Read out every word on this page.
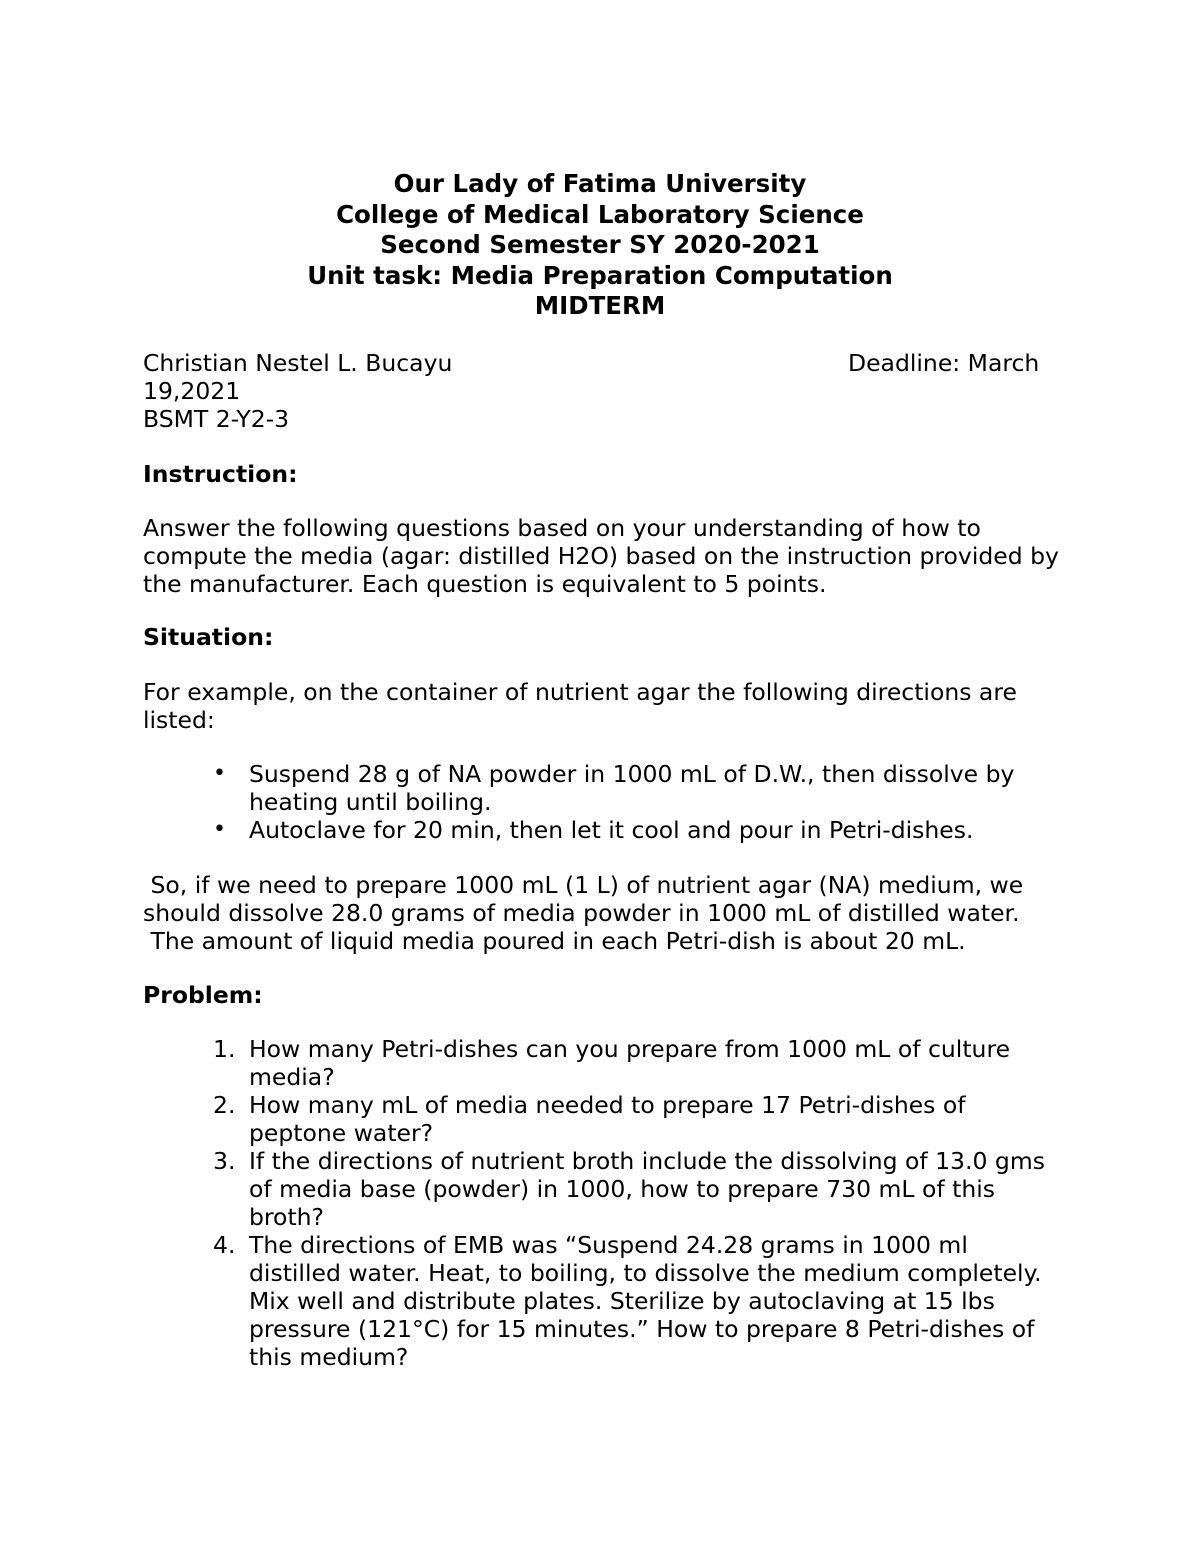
Our Lady of Fatima University
College of Medical Laboratory Science
Second Semester SY 2020-2021
Unit task: Media Preparation Computation
MIDTERM
Christian Nestel L. Bucayu	Deadline: March
19,2021
BSMT 2-Y2-3
Instruction:
Answer the following questions based on your understanding of how to
compute the media (agar: distilled H2O) based on the instruction provided by
the manufacturer. Each question is equivalent to 5 points.
Situation:
For example, on the container of nutrient agar the following directions are
listed:
• Suspend 28 g of NA powder in 1000 mL of D.W., then dissolve by
heating until boiling.
• Autoclave for 20 min, then let it cool and pour in Petri-dishes.
So, if we need to prepare 1000 mL (1 L) of nutrient agar (NA) medium, we
should dissolve 28.0 grams of media powder in 1000 mL of distilled water.
The amount of liquid media poured in each Petri-dish is about 20 mL.
Problem:
1. How many Petri-dishes can you prepare from 1000 mL of culture
media?
2. How many mL of media needed to prepare 17 Petri-dishes of
peptone water?
3. If the directions of nutrient broth include the dissolving of 13.0 gms
of media base (powder) in 1000, how to prepare 730 mL of this
broth?
4. The directions of EMB was “Suspend 24.28 grams in 1000 ml
distilled water. Heat, to boiling, to dissolve the medium completely.
Mix well and distribute plates. Sterilize by autoclaving at 15 lbs
pressure (121°C) for 15 minutes.” How to prepare 8 Petri-dishes of
this medium?
